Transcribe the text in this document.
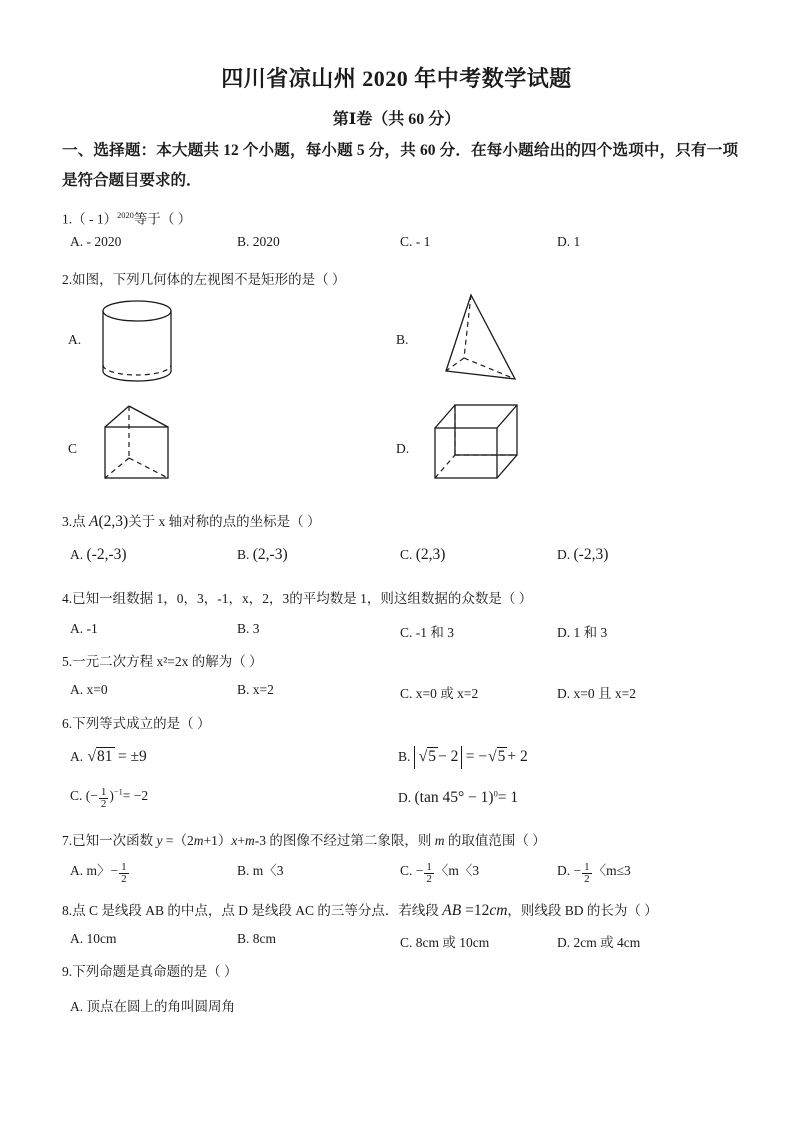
四川省凉山州 2020 年中考数学试题
第Ⅰ卷（共 60 分）
一、选择题：本大题共 12 个小题，每小题 5 分，共 60 分．在每小题给出的四个选项中，只有一项是符合题目要求的．
1.（ - 1）$^{2020}$等于（ ）
A. - 2020	B. 2020	C. - 1	D. 1
2.如图，下列几何体的左视图不是矩形的是（ ）
A.	B.
C	D.
3.点 A(2,3)关于 x 轴对称的点的坐标是（ ）
A. (-2,-3)	B. (2,-3)	C. (2,3)	D. (-2,3)
4.已知一组数据 1，0，3，-1，x，2，3的平均数是 1，则这组数据的众数是（ ）
A. -1	B. 3	C. -1 和 3	D. 1 和 3
5.一元二次方程 x²=2x 的解为（ ）
A. x=0	B. x=2	C. x=0 或 x=2	D. x=0 且 x=2
6.下列等式成立的是（ ）
A. √81 = ±9	B. √5 − 2 = −√5 + 2
C. (− $\frac{1}{2} )^{-1}= -2$	D. (tan 45° − 1)$^0$= 1
7.已知一次函数 y =（2m+1）x+m-3 的图像不经过第二象限，则 m 的取值范围（ ）
A. m〉− $\frac{1}{2}$	B. m〈3	C. − $\frac{1}{2}$ 〈m〈3	D. − $\frac{1}{2}$ 〈m≤3
8.点 C 是线段 AB 的中点，点 D 是线段 AC 的三等分点．若线段 AB =12cm，则线段 BD 的长为（ ）
A. 10cm	B. 8cm	C. 8cm 或 10cm	D. 2cm 或 4cm
9.下列命题是真命题的是（ ）
A. 顶点在圆上的角叫圆周角
